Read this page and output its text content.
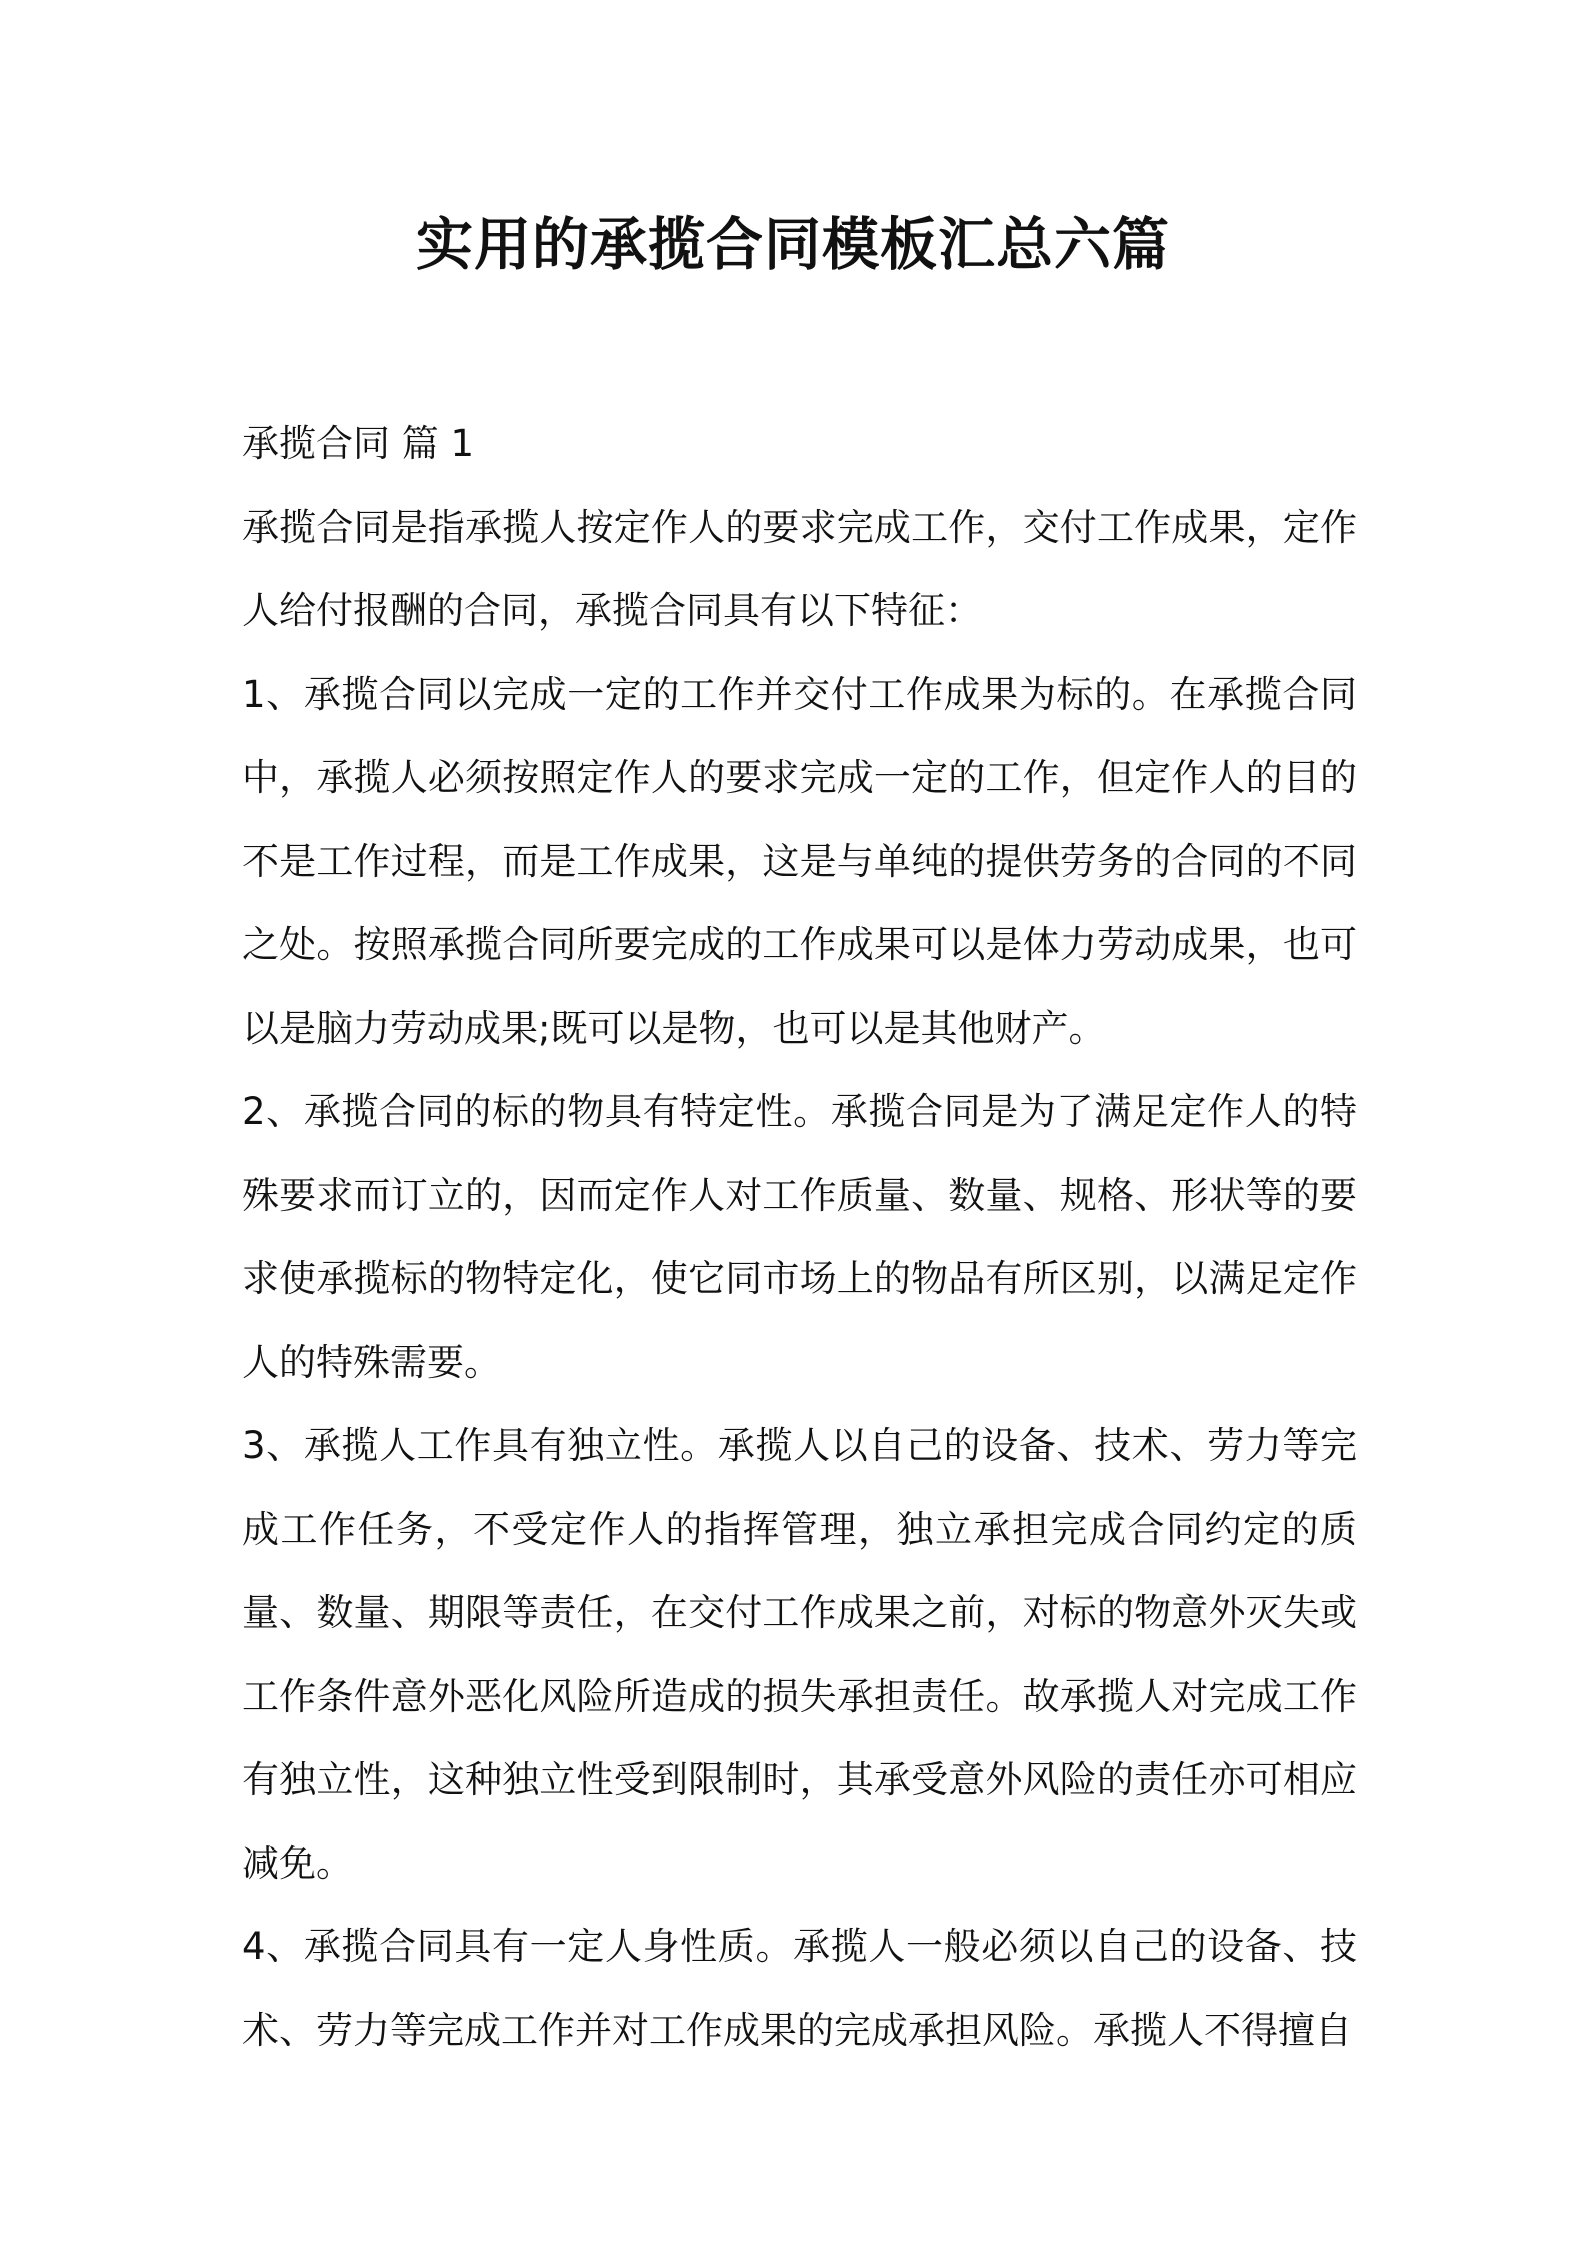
实用的承揽合同模板汇总六篇
承揽合同 篇 1

承揽合同是指承揽人按定作人的要求完成工作，交付工作成果，定作人给付报酬的合同，承揽合同具有以下特征：

1、承揽合同以完成一定的工作并交付工作成果为标的。在承揽合同中，承揽人必须按照定作人的要求完成一定的工作，但定作人的目的不是工作过程，而是工作成果，这是与单纯的提供劳务的合同的不同之处。按照承揽合同所要完成的工作成果可以是体力劳动成果，也可以是脑力劳动成果;既可以是物，也可以是其他财产。

2、承揽合同的标的物具有特定性。承揽合同是为了满足定作人的特殊要求而订立的，因而定作人对工作质量、数量、规格、形状等的要求使承揽标的物特定化，使它同市场上的物品有所区别，以满足定作人的特殊需要。

3、承揽人工作具有独立性。承揽人以自己的设备、技术、劳力等完成工作任务，不受定作人的指挥管理，独立承担完成合同约定的质量、数量、期限等责任，在交付工作成果之前，对标的物意外灭失或工作条件意外恶化风险所造成的损失承担责任。故承揽人对完成工作有独立性，这种独立性受到限制时，其承受意外风险的责任亦可相应减免。

4、承揽合同具有一定人身性质。承揽人一般必须以自己的设备、技术、劳力等完成工作并对工作成果的完成承担风险。承揽人不得擅自
